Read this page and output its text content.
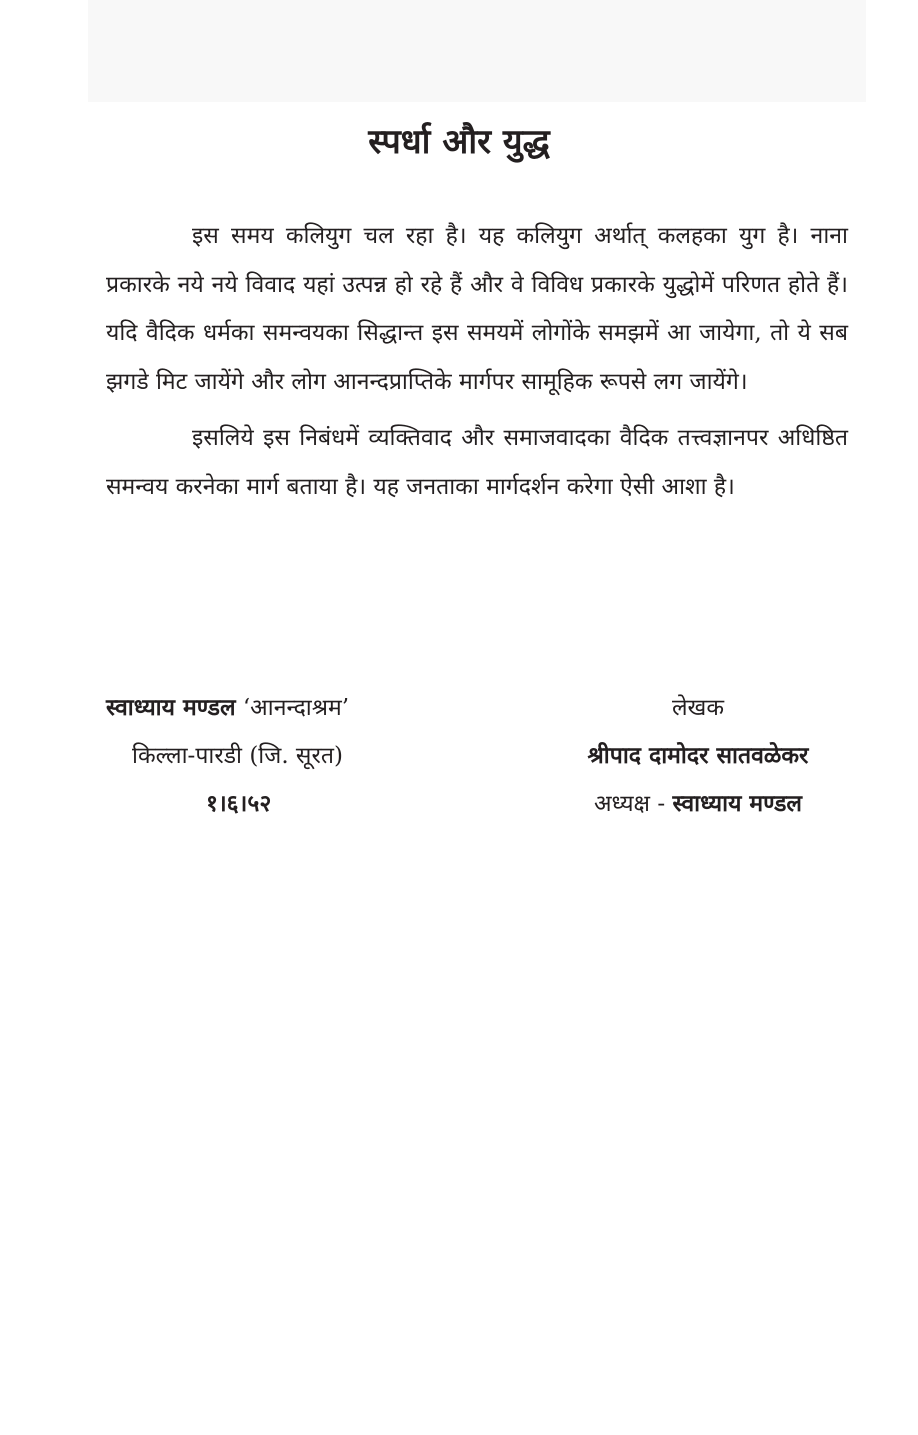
स्पर्धा और युद्ध

इस समय कलियुग चल रहा है। यह कलियुग अर्थात् कलहका युग है। नाना प्रकारके नये नये विवाद यहां उत्पन्न हो रहे हैं और वे विविध प्रकारके युद्धोमें परिणत होते हैं। यदि वैदिक धर्मका समन्वयका सिद्धान्त इस समयमें लोगोंके समझमें आ जायेगा, तो ये सब झगडे मिट जायेंगे और लोग आनन्दप्राप्तिके मार्गपर सामूहिक रूपसे लग जायेंगे।

इसलिये इस निबंधमें व्यक्तिवाद और समाजवादका वैदिक तत्त्वज्ञानपर अधिष्ठित समन्वय करनेका मार्ग बताया है। यह जनताका मार्गदर्शन करेगा ऐसी आशा है।

स्वाध्याय मण्डल ‘आनन्दाश्रम’
किल्ला-पारडी (जि. सूरत)
१।६।५२
लेखक
श्रीपाद दामोदर सातवळेकर
अध्यक्ष - स्वाध्याय मण्डल
